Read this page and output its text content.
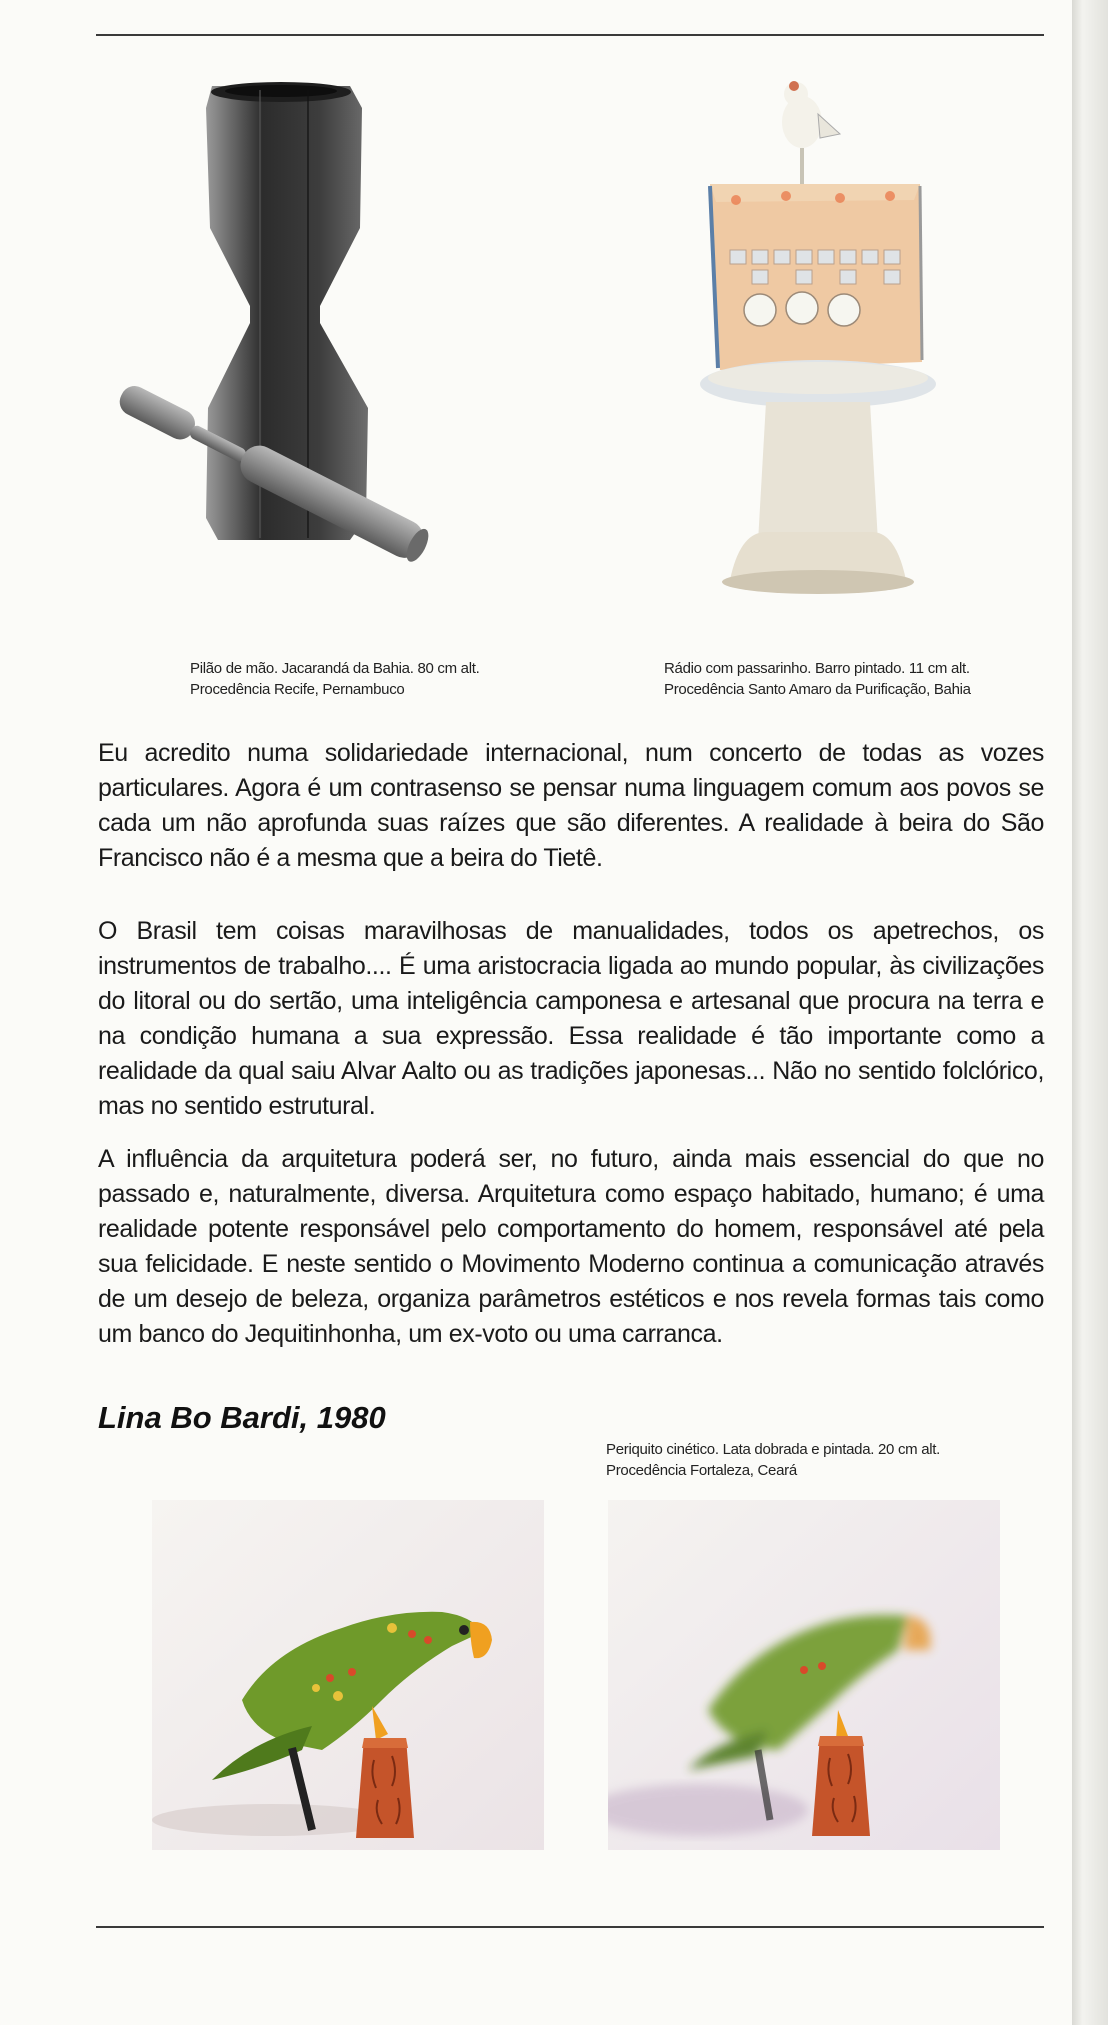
Pilão de mão. Jacarandá da Bahia. 80 cm alt.
Procedência Recife, Pernambuco
Rádio com passarinho. Barro pintado. 11 cm alt.
Procedência Santo Amaro da Purificação, Bahia
Eu acredito numa solidariedade internacional, num concerto de todas as vozes particulares. Agora é um contrasenso se pensar numa linguagem comum aos povos se cada um não aprofunda suas raízes que são diferentes. A realidade à beira do São Francisco não é a mesma que a beira do Tietê.
O Brasil tem coisas maravilhosas de manualidades, todos os apetrechos, os instrumentos de trabalho.... É uma aristocracia ligada ao mundo popular, às civilizações do litoral ou do sertão, uma inteligência camponesa e artesanal que procura na terra e na condição humana a sua expressão. Essa realidade é tão importante como a realidade da qual saiu Alvar Aalto ou as tradições japonesas... Não no sentido folclórico, mas no sentido estrutural.
A influência da arquitetura poderá ser, no futuro, ainda mais essencial do que no passado e, naturalmente, diversa. Arquitetura como espaço habitado, humano; é uma realidade potente responsável pelo comportamento do homem, responsável até pela sua felicidade. E neste sentido o Movimento Moderno continua a comunicação através de um desejo de beleza, organiza parâmetros estéticos e nos revela formas tais como um banco do Jequitinhonha, um ex-voto ou uma carranca.
Lina Bo Bardi, 1980
Periquito cinético. Lata dobrada e pintada. 20 cm alt.
Procedência Fortaleza, Ceará
